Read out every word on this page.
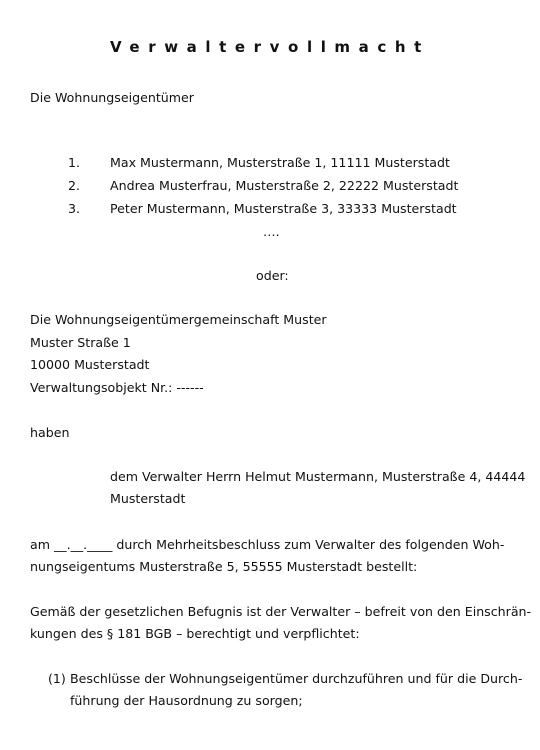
Verwaltervollmacht
Die Wohnungseigentümer
1.	Max Mustermann, Musterstraße 1, 11111 Musterstadt
2.	Andrea Musterfrau, Musterstraße 2, 22222 Musterstadt
3.	Peter Mustermann, Musterstraße 3, 33333 Musterstadt
….
oder:
Die Wohnungseigentümergemeinschaft Muster
Muster Straße 1
10000 Musterstadt
Verwaltungsobjekt Nr.: ------
haben
dem Verwalter Herrn Helmut Mustermann, Musterstraße 4, 44444
Musterstadt
am __.__.____ durch Mehrheitsbeschluss zum Verwalter des folgenden Woh-
nungseigentums Musterstraße 5, 55555 Musterstadt bestellt:
Gemäß der gesetzlichen Befugnis ist der Verwalter – befreit von den Einschrän-
kungen des § 181 BGB – berechtigt und verpflichtet:
(1) Beschlüsse der Wohnungseigentümer durchzuführen und für die Durch-
führung der Hausordnung zu sorgen;
